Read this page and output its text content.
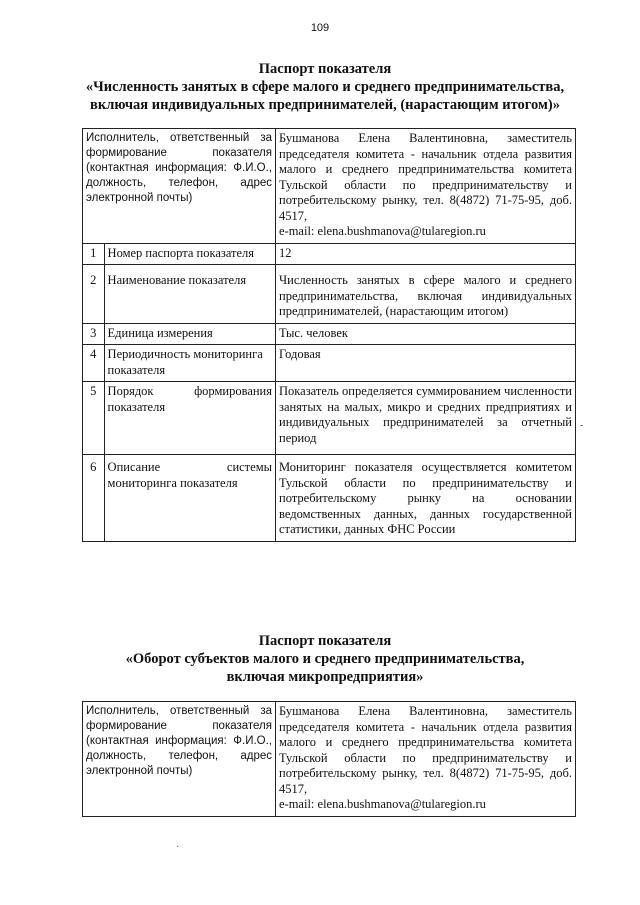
109
Паспорт показателя
«Численность занятых в сфере малого и среднего предпринимательства,
включая индивидуальных предпринимателей, (нарастающим итогом)»
Исполнитель, ответственный за формирование показателя (контактная информация: Ф.И.О., должность, телефон, адрес электронной почты)		Бушманова Елена Валентиновна, заместитель председателя комитета - начальник отдела развития малого и среднего предпринимательства комитета Тульской области по предпринимательству и потребительскому рынку, тел. 8(4872) 71-75-95, доб. 4517,
e-mail: elena.bushmanova@tularegion.ru

1	Номер паспорта показателя	12
2	Наименование показателя	Численность занятых в сфере малого и среднего предпринимательства, включая индивидуальных предпринимателей, (нарастающим итогом)
3	Единица измерения	Тыс. человек
4	Периодичность мониторинга показателя	Годовая
5	Порядок формирования показателя	Показатель определяется суммированием численности занятых на малых, микро и средних предприятиях и индивидуальных предпринимателей за отчетный период
6	Описание системы мониторинга показателя	Мониторинг показателя осуществляется комитетом Тульской области по предпринимательству и потребительскому рынку на основании ведомственных данных, данных государственной статистики, данных ФНС России
Паспорт показателя
«Оборот субъектов малого и среднего предпринимательства,
включая микропредприятия»
Исполнитель, ответственный за формирование показателя (контактная информация: Ф.И.О., должность, телефон, адрес электронной почты)	Бушманова Елена Валентиновна, заместитель председателя комитета - начальник отдела развития малого и среднего предпринимательства комитета Тульской области по предпринимательству и потребительскому рынку, тел. 8(4872) 71-75-95, доб. 4517,
e-mail: elena.bushmanova@tularegion.ru
-
·
